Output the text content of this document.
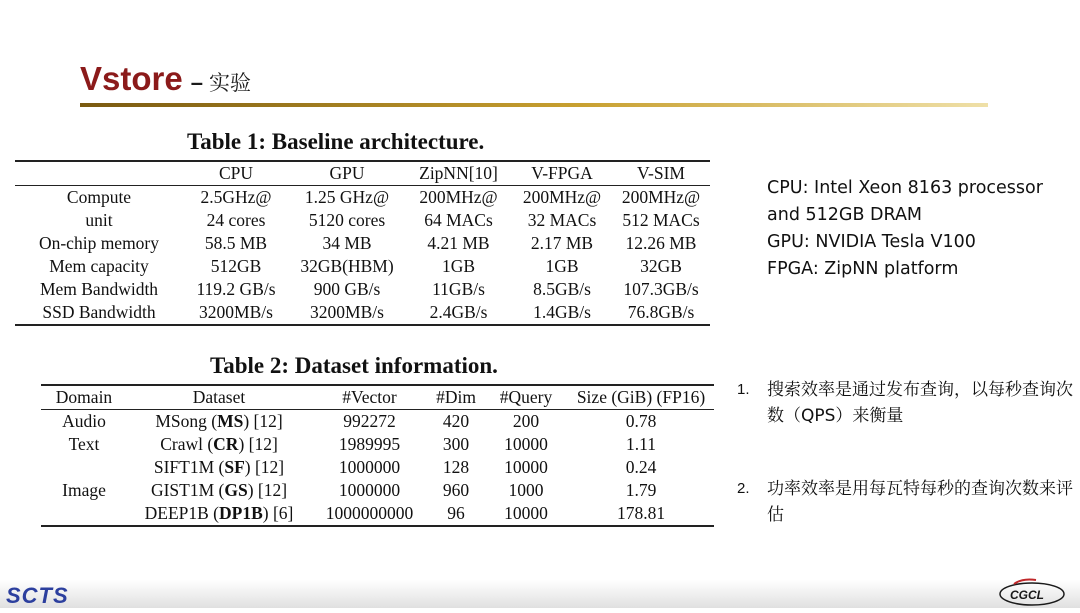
Vstore – 实验
Table 1: Baseline architecture.
	CPU	GPU	ZipNN[10]	V-FPGA	V-SIM
Compute	2.5GHz@	1.25 GHz@	200MHz@	200MHz@	200MHz@
unit	24 cores	5120 cores	64 MACs	32 MACs	512 MACs
On-chip memory	58.5 MB	34 MB	4.21 MB	2.17 MB	12.26 MB
Mem capacity	512GB	32GB(HBM)	1GB	1GB	32GB
Mem Bandwidth	119.2 GB/s	900 GB/s	11GB/s	8.5GB/s	107.3GB/s
SSD Bandwidth	3200MB/s	3200MB/s	2.4GB/s	1.4GB/s	76.8GB/s
CPU: Intel Xeon 8163 processor
and 512GB DRAM
GPU: NVIDIA Tesla V100
FPGA: ZipNN platform
Table 2: Dataset information.
Domain	Dataset	#Vector	#Dim	#Query	Size (GiB) (FP16)
Audio	MSong (MS) [12]	992272	420	200	0.78
Text	Crawl (CR) [12]	1989995	300	10000	1.11
	SIFT1M (SF) [12]	1000000	128	10000	0.24
Image	GIST1M (GS) [12]	1000000	960	1000	1.79
	DEEP1B (DP1B) [6]	1000000000	96	10000	178.81
1.	搜索效率是通过发布查询，以每秒查询次数（QPS）来衡量
2.	功率效率是用每瓦特每秒的查询次数来评估
SCTS	CGCL
